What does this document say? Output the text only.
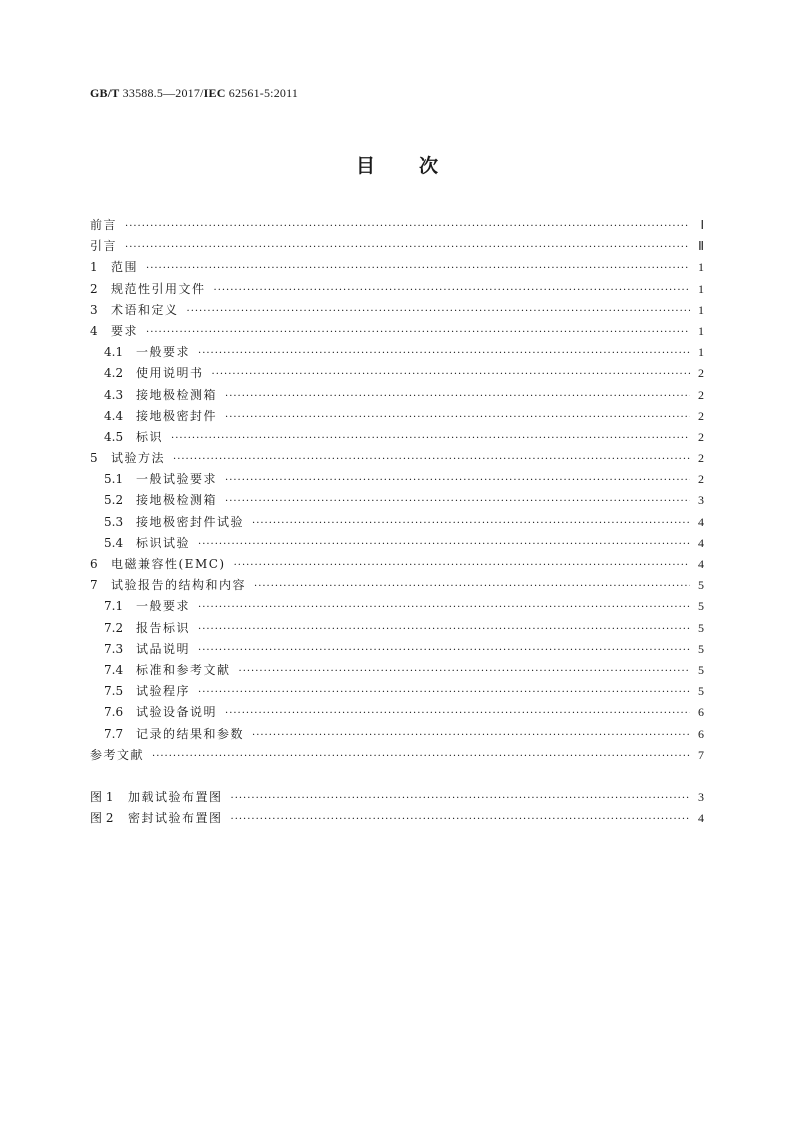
GB/T 33588.5—2017/IEC 62561-5:2011
目次
前言 ·····	Ⅰ
引言 ·····	Ⅱ
1	范围 ·····	1
2	规范性引用文件 ·····	1
3	术语和定义 ·····	1
4	要求 ·····	1
4.1	一般要求 ·····	1
4.2	使用说明书 ·····	2
4.3	接地极检测箱 ·····	2
4.4	接地极密封件 ·····	2
4.5	标识 ·····	2
5	试验方法 ·····	2
5.1	一般试验要求 ·····	2
5.2	接地极检测箱 ·····	3
5.3	接地极密封件试验 ·····	4
5.4	标识试验 ·····	4
6	电磁兼容性(EMC) ·····	4
7	试验报告的结构和内容 ·····	5
7.1	一般要求 ·····	5
7.2	报告标识 ·····	5
7.3	试品说明 ·····	5
7.4	标准和参考文献 ·····	5
7.5	试验程序 ·····	5
7.6	试验设备说明 ·····	6
7.7	记录的结果和参数 ·····	6
参考文献 ·····	7
图 1	加载试验布置图 ·····	3
图 2	密封试验布置图 ·····	4
